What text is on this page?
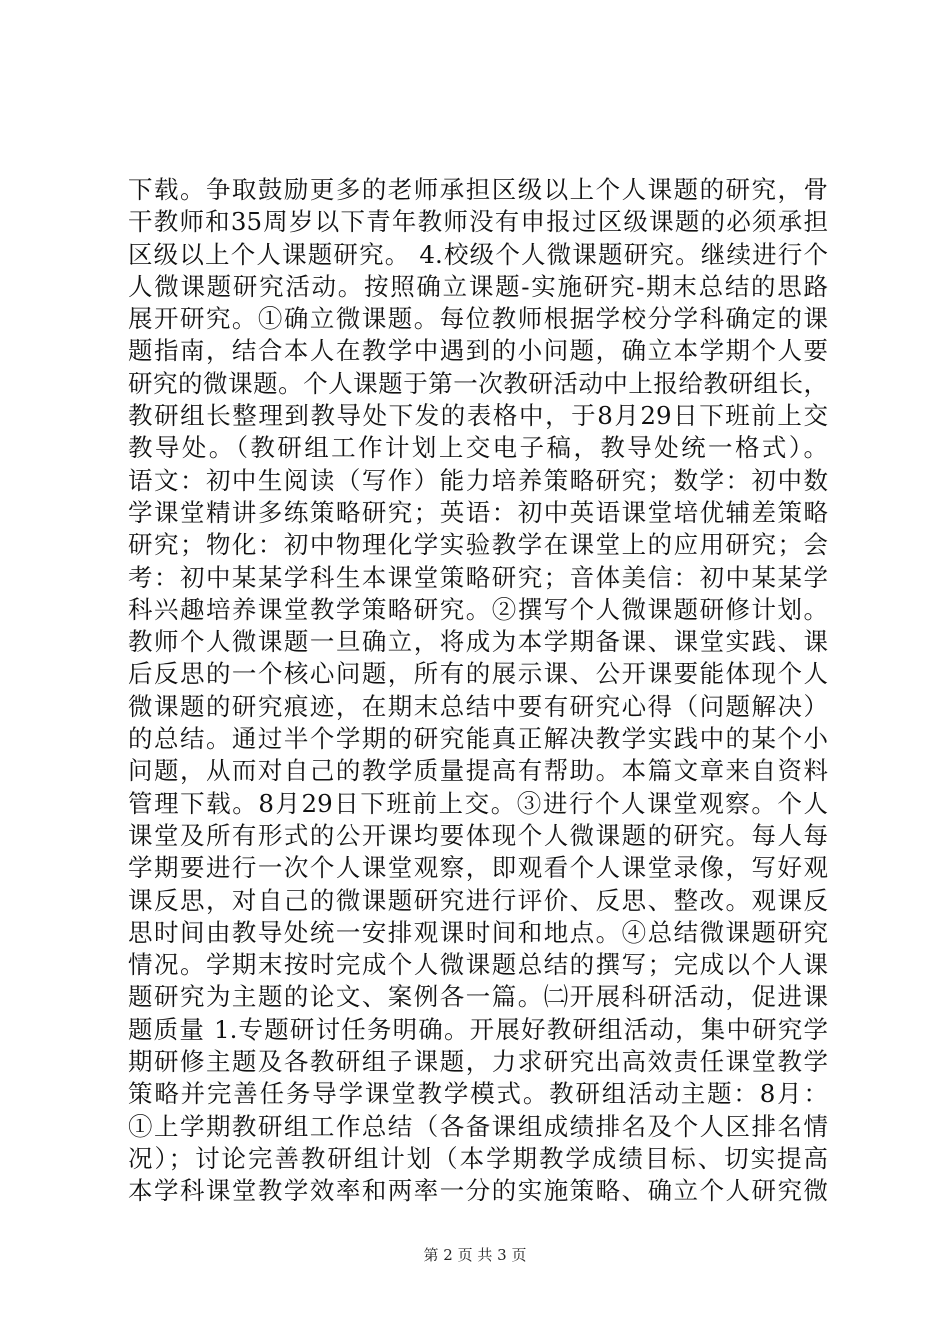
下载。争取鼓励更多的老师承担区级以上个人课题的研究，骨
干教师和35周岁以下青年教师没有申报过区级课题的必须承担
区级以上个人课题研究。 4.校级个人微课题研究。继续进行个
人微课题研究活动。按照确立课题-实施研究-期末总结的思路
展开研究。①确立微课题。每位教师根据学校分学科确定的课
题指南，结合本人在教学中遇到的小问题，确立本学期个人要
研究的微课题。个人课题于第一次教研活动中上报给教研组长，
教研组长整理到教导处下发的表格中，于8月29日下班前上交
教导处。（教研组工作计划上交电子稿，教导处统一格式）。
语文：初中生阅读（写作）能力培养策略研究；数学：初中数
学课堂精讲多练策略研究；英语：初中英语课堂培优辅差策略
研究；物化：初中物理化学实验教学在课堂上的应用研究；会
考：初中某某学科生本课堂策略研究；音体美信：初中某某学
科兴趣培养课堂教学策略研究。②撰写个人微课题研修计划。
教师个人微课题一旦确立，将成为本学期备课、课堂实践、课
后反思的一个核心问题，所有的展示课、公开课要能体现个人
微课题的研究痕迹，在期末总结中要有研究心得（问题解决）
的总结。通过半个学期的研究能真正解决教学实践中的某个小
问题，从而对自己的教学质量提高有帮助。本篇文章来自资料
管理下载。8月29日下班前上交。③进行个人课堂观察。个人
课堂及所有形式的公开课均要体现个人微课题的研究。每人每
学期要进行一次个人课堂观察，即观看个人课堂录像，写好观
课反思，对自己的微课题研究进行评价、反思、整改。观课反
思时间由教导处统一安排观课时间和地点。④总结微课题研究
情况。学期末按时完成个人微课题总结的撰写；完成以个人课
题研究为主题的论文、案例各一篇。㈡开展科研活动，促进课
题质量 1.专题研讨任务明确。开展好教研组活动，集中研究学
期研修主题及各教研组子课题，力求研究出高效责任课堂教学
策略并完善任务导学课堂教学模式。教研组活动主题：8月：
①上学期教研组工作总结（各备课组成绩排名及个人区排名情
况）；讨论完善教研组计划（本学期教学成绩目标、切实提高
本学科课堂教学效率和两率一分的实施策略、确立个人研究微
第 2 页 共 3 页
